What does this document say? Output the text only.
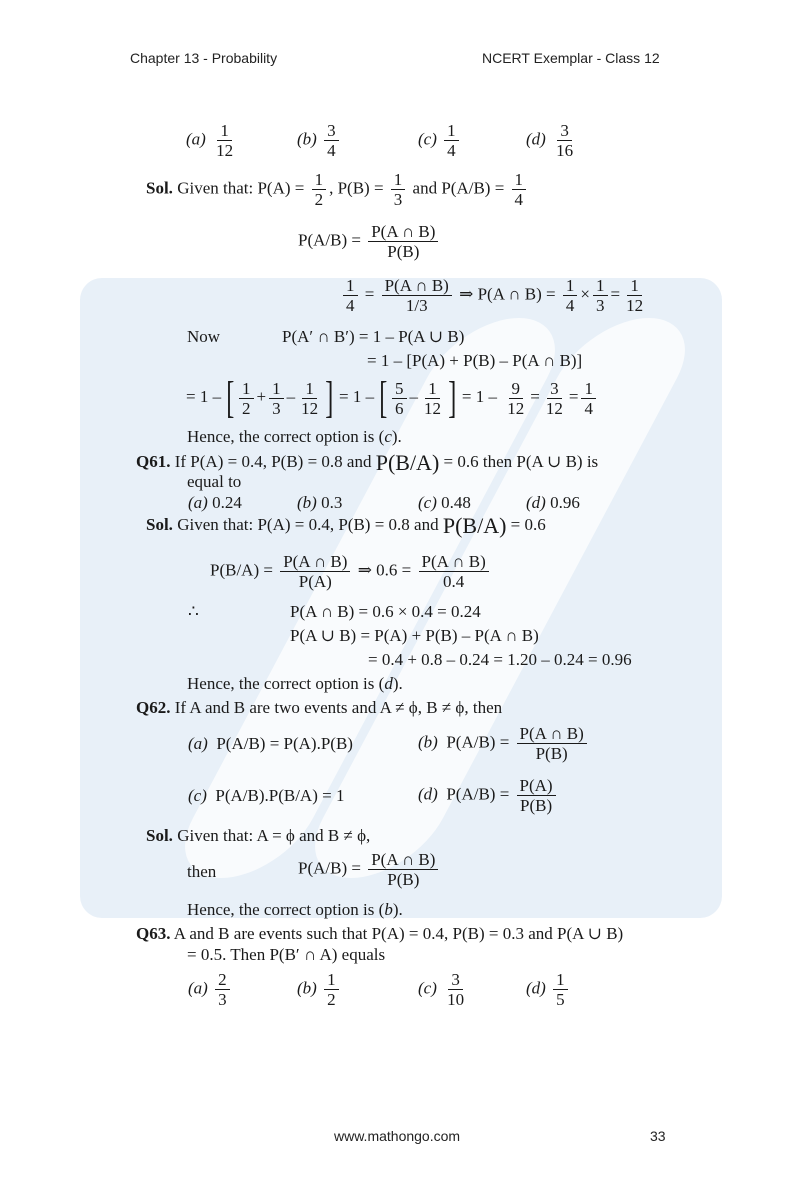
Chapter 13 - Probability	NCERT Exemplar - Class 12
$(a) \frac{1}{12}$	$(b) \frac{3}{4}$	$(c) \frac{1}{4}$	$(d) \frac{3}{16}$
Sol. Given that: $P(A) = \frac{1}{2}$ , $P(B) = \frac{1}{3}$ and $P(A/B) = \frac{1}{4}$
$P(A/B) = \frac{P(A \cap B)}{P(B)}$
$\frac{1}{4} = \frac{P(A \cap B)}{1/3}$ ⇒ P(A ∩ $B) = \frac{1}{4} \times \frac{1}{3} = \frac{1}{12}$
Now	P(A′ ∩ B′) = 1 – P(A ∪ B)
= 1 – [P(A) + P(B) – P(A ∩ B)]
= 1 – [ $\frac{1}{2} + \frac{1}{3} - \frac{1}{12}$ ] = 1 – [ $\frac{5}{6} - \frac{1}{12}$ ] = $1 - \frac{9}{12} = \frac{3}{12} = \frac{1}{4}$
Hence, the correct option is (c).
Q61. If P(A) = 0.4, P(B) = 0.8 and P(B/A) = 0.6 then P(A ∪ B) is
equal to
(a) 0.24	(b) 0.3	(c) 0.48	(d) 0.96
Sol. Given that: P(A) = 0.4, P(B) = 0.8 and P(B/A) = 0.6
$P(B/A) = \frac{P(A \cap B)}{P(A)}$ ⇒ $0.6 = \frac{P(A \cap B)}{0.4}$
∴	P(A ∩ B) = 0.6 × 0.4 = 0.24
P(A ∪ B) = P(A) + P(B) – P(A ∩ B)
= 0.4 + 0.8 – 0.24 = 1.20 – 0.24 = 0.96
Hence, the correct option is (d).
Q62. If A and B are two events and A ≠ ϕ, B ≠ ϕ, then
(a) P(A/B) = P(A).P(B)	(b) $P(A/B) = \frac{P(A \cap B)}{P(B)}$
(c) P(A/B).P(B/A) = 1	(d) $P(A/B) = \frac{P(A)}{P(B)}$
Sol. Given that: A = ϕ and B ≠ ϕ,
then	$P(A/B) = \frac{P(A \cap B)}{P(B)}$
Hence, the correct option is (b).
Q63. A and B are events such that P(A) = 0.4, P(B) = 0.3 and P(A ∪ B)
= 0.5. Then P(B′ ∩ A) equals
$(a) \frac{2}{3}$	$(b) \frac{1}{2}$	$(c) \frac{3}{10}$	$(d) \frac{1}{5}$
www.mathongo.com	33
